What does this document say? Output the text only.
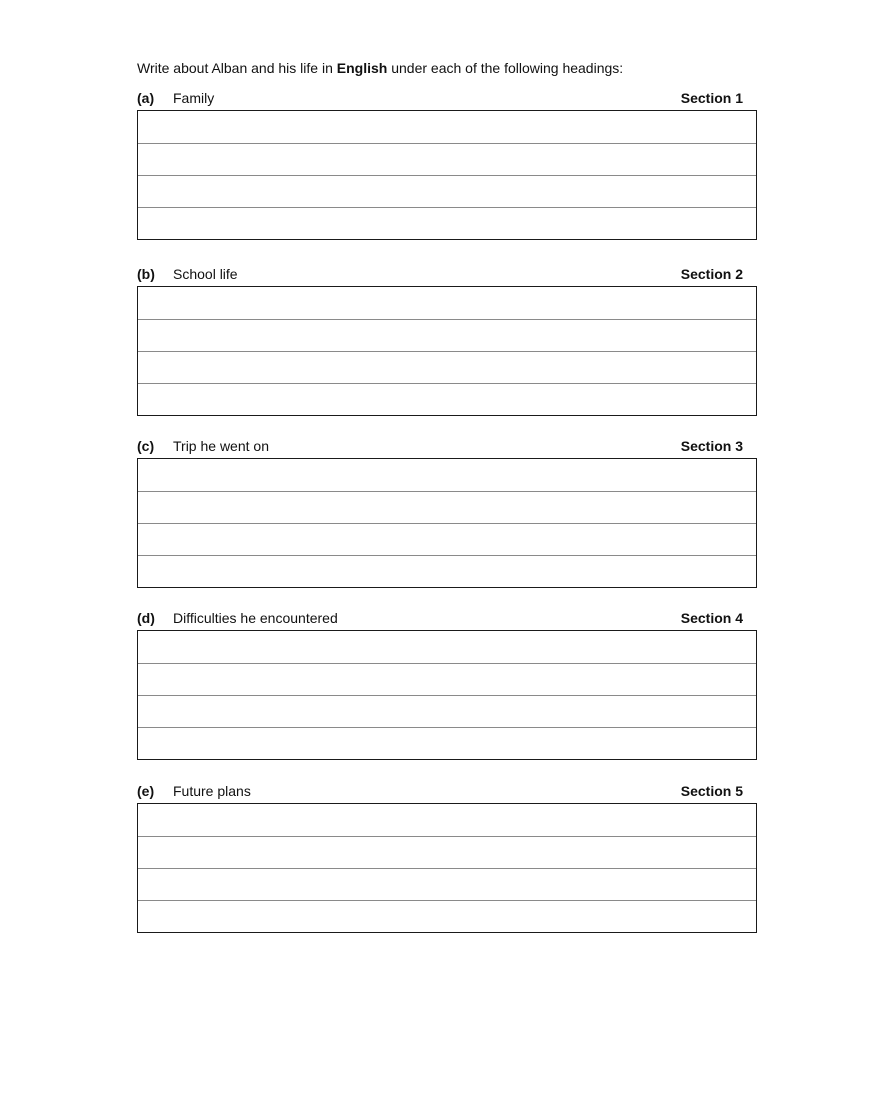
Write about Alban and his life in English under each of the following headings:
(a) Family	Section 1
(b) School life	Section 2
(c) Trip he went on	Section 3
(d) Difficulties he encountered	Section 4
(e) Future plans	Section 5
